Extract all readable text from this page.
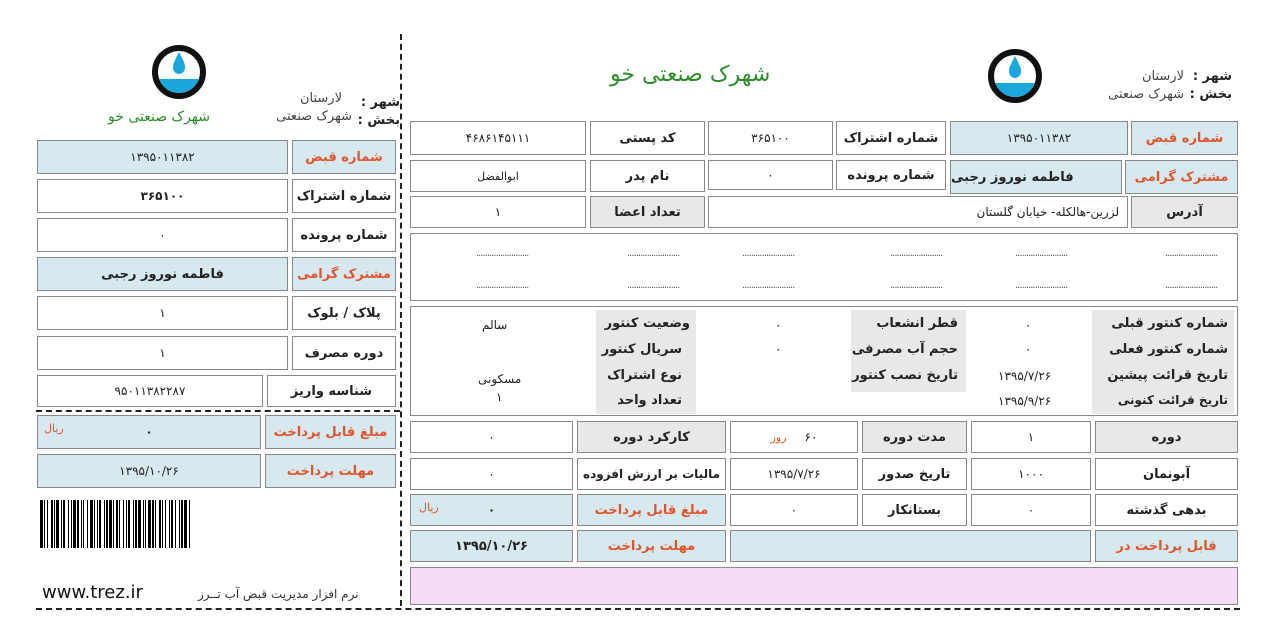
شهر :
لارستان
بخش :
شهرک صنعتی
شهرک صنعتی خو
شماره قبض
۱۳۹۵۰۱۱۳۸۲
شماره اشتراک
۳۶۵۱۰۰
کد پستی
۴۶۸۶۱۴۵۱۱۱
مشترک گرامی
فاطمه نوروز رجبی
شماره پرونده
۰
نام پدر
ابوالفضل
آدرس
لزرین-هالکله- خیابان گلستان
تعداد اعضا
۱
........................
........................
........................
........................
........................
........................
........................
........................
........................
........................
........................
........................
شماره کنتور قبلی
شماره کنتور فعلی
تاریخ قرائت پیشین
تاریخ قرائت کنونی
۰
۰
۱۳۹۵/۷/۲۶
۱۳۹۵/۹/۲۶
قطر انشعاب
حجم آب مصرفی
تاریخ نصب کنتور
۰
۰
وضعیت کنتور
سریال کنتور
نوع اشتراک
تعداد واحد
سالم
مسکونی
۱
دوره
۱
مدت دوره
۶۰
روز
کارکرد دوره
۰
آبونمان
۱۰۰۰
تاریخ صدور
۱۳۹۵/۷/۲۶
مالیات بر ارزش افزوده
۰
بدهی گذشته
۰
بستانکار
۰
مبلغ قابل پرداخت
۰
ریال
قابل پرداخت در
مهلت پرداخت
۱۳۹۵/۱۰/۲۶
شهر :
لارستان
بخش :
شهرک صنعتی
شهرک صنعتی خو
شماره قبض
۱۳۹۵۰۱۱۳۸۲
شماره اشتراک
۳۶۵۱۰۰
شماره پرونده
۰
مشترک گرامی
فاطمه نوروز رجبی
پلاک / بلوک
۱
دوره مصرف
۱
شناسه واریز
۹۵۰۱۱۳۸۲۲۸۷
مبلغ قابل پرداخت
۰
ریال
مهلت پرداخت
۱۳۹۵/۱۰/۲۶
www.trez.ir	نرم افزار مدیریت قبض آب تــرز
